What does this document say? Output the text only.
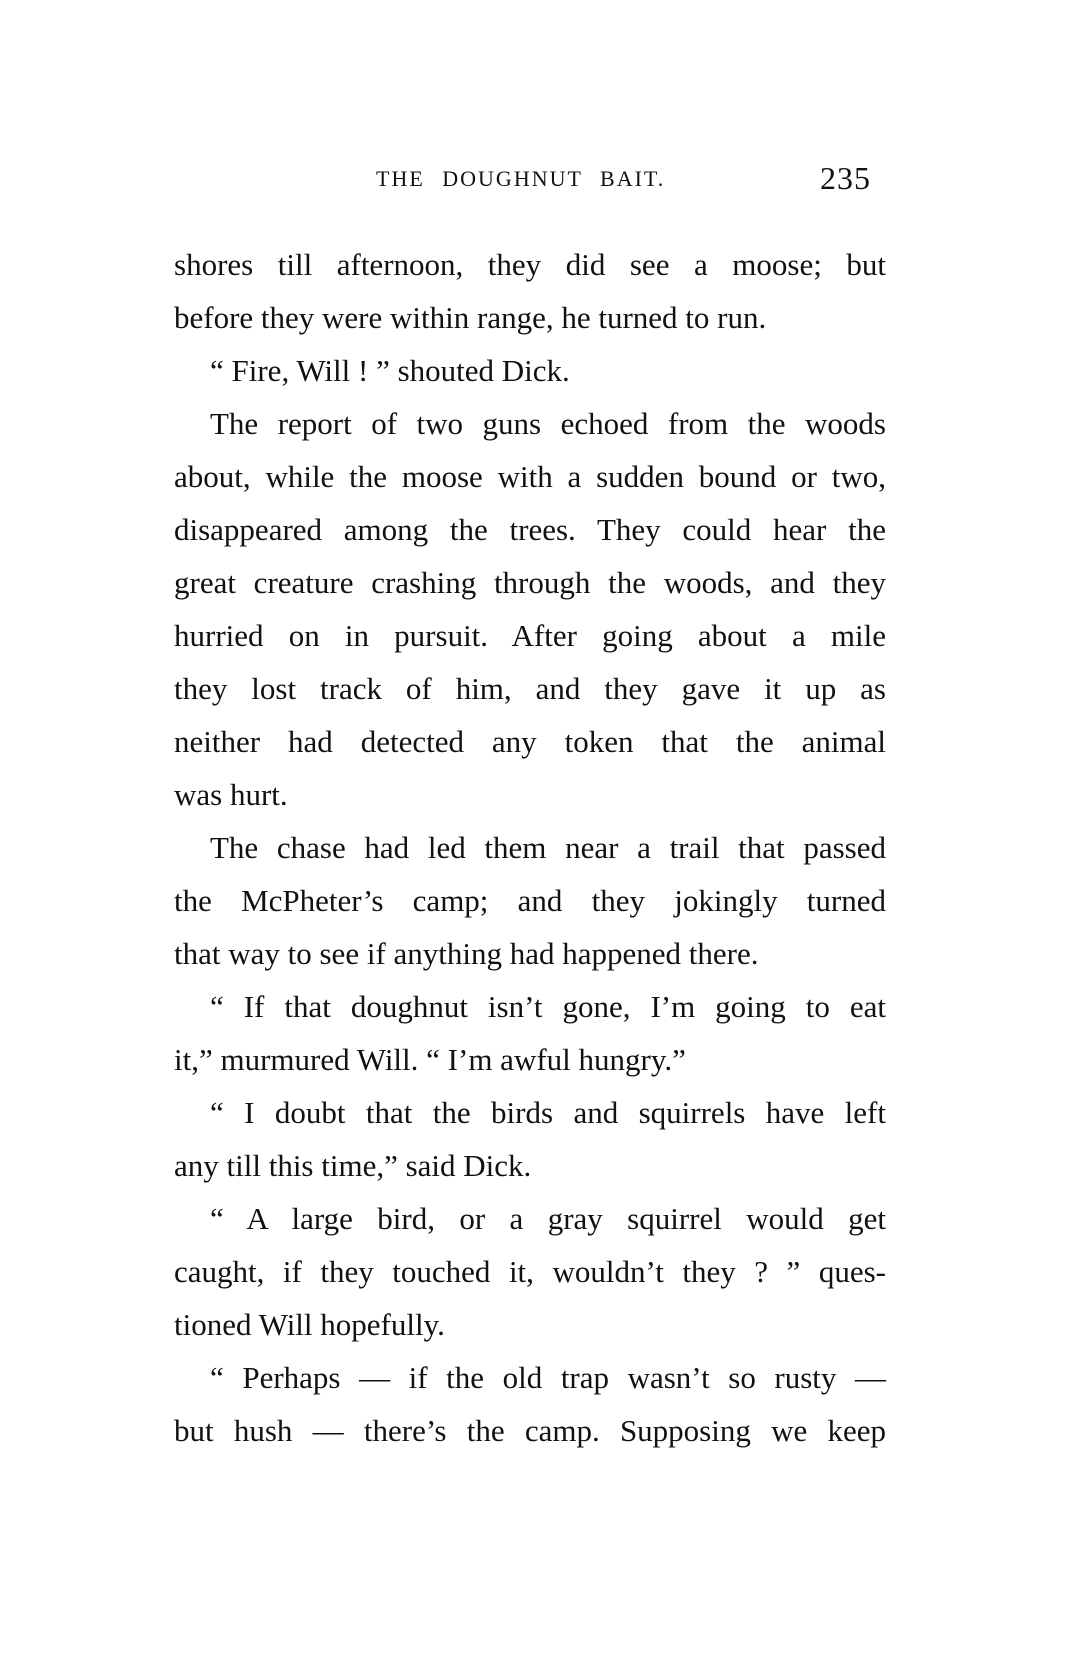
THE DOUGHNUT BAIT.	235
shores till afternoon, they did see a moose; but
before they were within range, he turned to run.
“ Fire, Will ! ” shouted Dick.
The report of two guns echoed from the woods
about, while the moose with a sudden bound or two,
disappeared among the trees. They could hear the
great creature crashing through the woods, and they
hurried on in pursuit. After going about a mile
they lost track of him, and they gave it up as
neither had detected any token that the animal
was hurt.
The chase had led them near a trail that passed
the McPheter’s camp; and they jokingly turned
that way to see if anything had happened there.
“ If that doughnut isn’t gone, I’m going to eat
it,” murmured Will. “ I’m awful hungry.”
“ I doubt that the birds and squirrels have left
any till this time,” said Dick.
“ A large bird, or a gray squirrel would get
caught, if they touched it, wouldn’t they ? ” ques-
tioned Will hopefully.
“ Perhaps — if the old trap wasn’t so rusty —
but hush — there’s the camp. Supposing we keep
